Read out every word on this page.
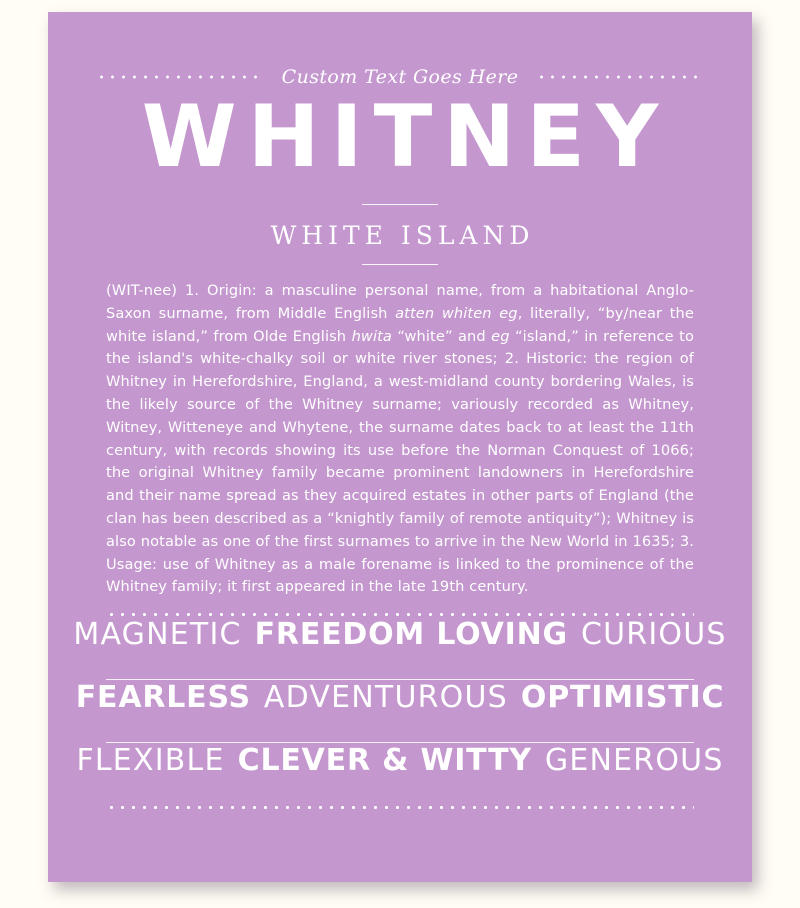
Custom Text Goes Here
WHITNEY
WHITE ISLAND
(WIT-nee) 1. Origin: a masculine personal name, from a habitational Anglo-Saxon surname, from Middle English atten whiten eg, literally, “by/near the white island,” from Olde English hwita “white” and eg “island,” in reference to the island's white-chalky soil or white river stones; 2. Historic: the region of Whitney in Herefordshire, England, a west-midland county bordering Wales, is the likely source of the Whitney surname; variously recorded as Whitney, Witney, Witteneye and Whytene, the surname dates back to at least the 11th century, with records showing its use before the Norman Conquest of 1066; the original Whitney family became prominent landowners in Herefordshire and their name spread as they acquired estates in other parts of England (the clan has been described as a “knightly family of remote antiquity”); Whitney is also notable as one of the first surnames to arrive in the New World in 1635; 3. Usage: use of Whitney as a male forename is linked to the prominence of the Whitney family; it first appeared in the late 19th century.
MAGNETIC FREEDOM LOVING CURIOUS
FEARLESS ADVENTUROUS OPTIMISTIC
FLEXIBLE CLEVER & WITTY GENEROUS
